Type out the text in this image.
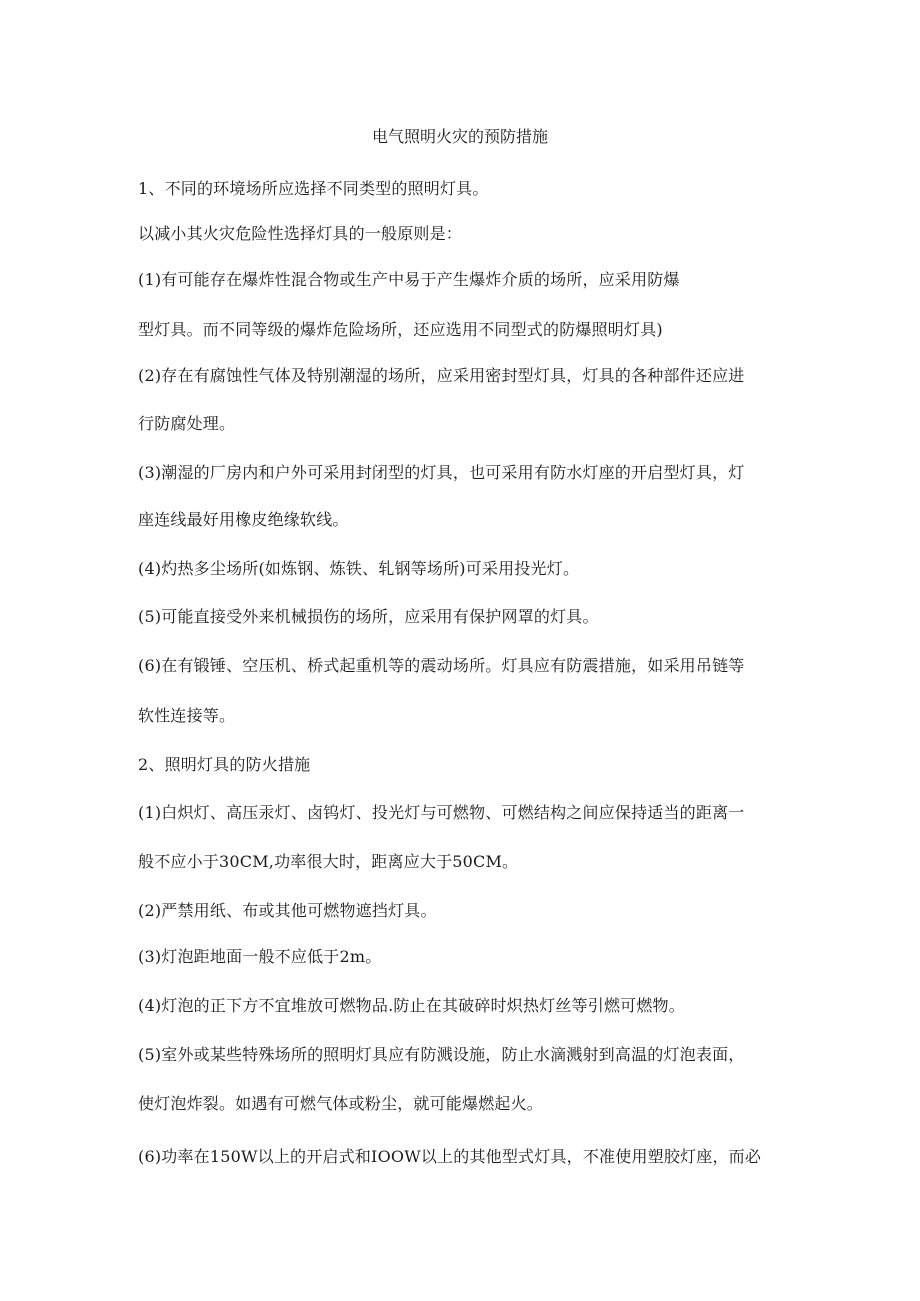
电气照明火灾的预防措施
1、不同的环境场所应选择不同类型的照明灯具。
以减小其火灾危险性选择灯具的一般原则是：
(1)有可能存在爆炸性混合物或生产中易于产生爆炸介质的场所，应采用防爆
型灯具。而不同等级的爆炸危险场所，还应选用不同型式的防爆照明灯具)
(2)存在有腐蚀性气体及特别潮湿的场所，应采用密封型灯具，灯具的各种部件还应进
行防腐处理。
(3)潮湿的厂房内和户外可采用封闭型的灯具，也可采用有防水灯座的开启型灯具，灯
座连线最好用橡皮绝缘软线。
(4)灼热多尘场所(如炼钢、炼铁、轧钢等场所)可采用投光灯。
(5)可能直接受外来机械损伤的场所，应采用有保护网罩的灯具。
(6)在有锻锤、空压机、桥式起重机等的震动场所。灯具应有防震措施，如采用吊链等
软性连接等。
2、照明灯具的防火措施
(1)白炽灯、高压汞灯、卤钨灯、投光灯与可燃物、可燃结构之间应保持适当的距离一
般不应小于30CM,功率很大时，距离应大于50CM。
(2)严禁用纸、布或其他可燃物遮挡灯具。
(3)灯泡距地面一般不应低于2m。
(4)灯泡的正下方不宜堆放可燃物品.防止在其破碎时炽热灯丝等引燃可燃物。
(5)室外或某些特殊场所的照明灯具应有防溅设施，防止水滴溅射到高温的灯泡表面，
使灯泡炸裂。如遇有可燃气体或粉尘，就可能爆燃起火。
(6)功率在150W以上的开启式和IOOW以上的其他型式灯具，不准使用塑胶灯座，而必
